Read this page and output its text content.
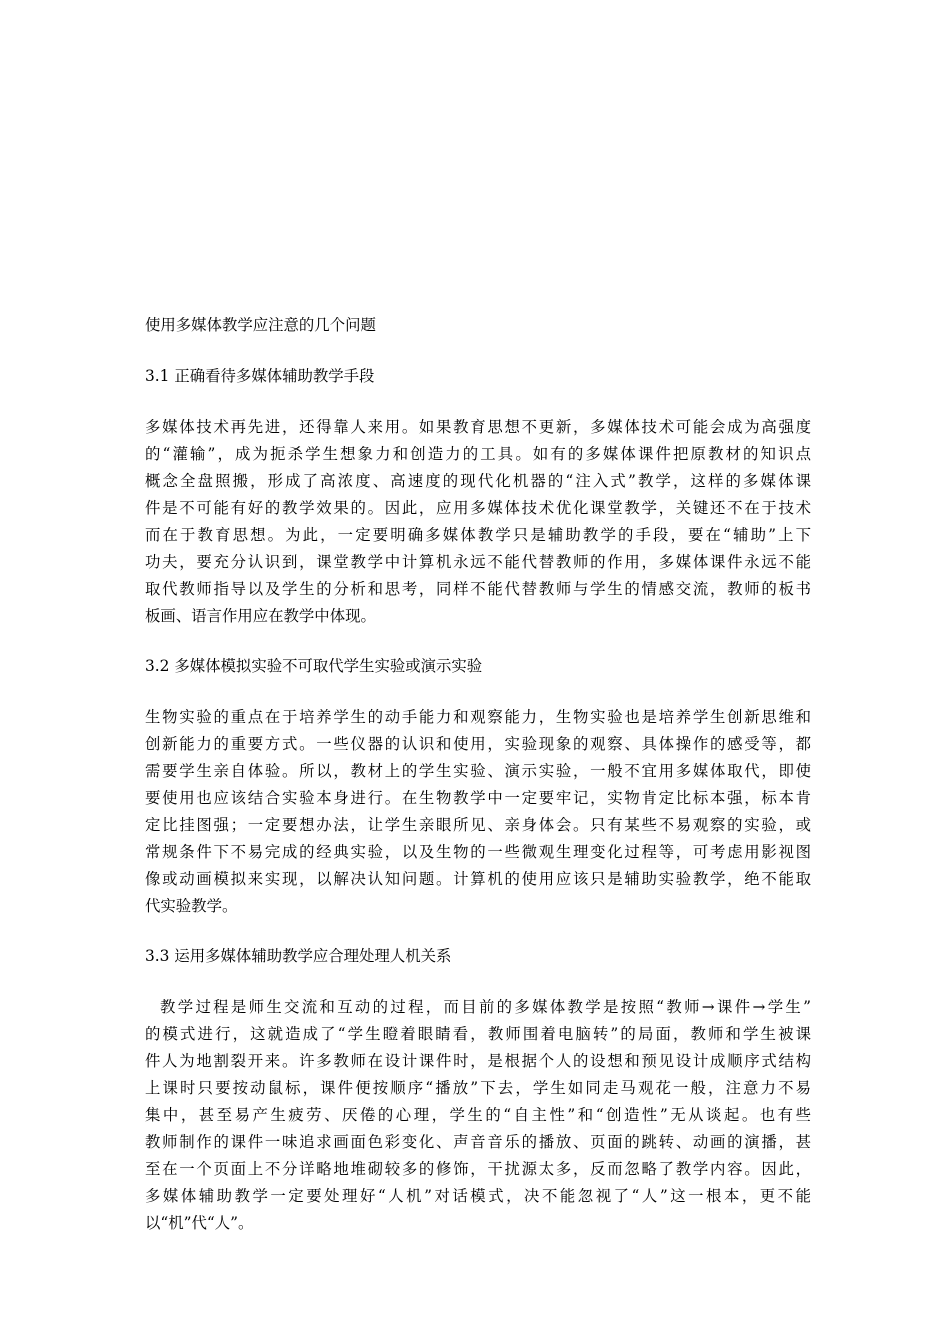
使用多媒体教学应注意的几个问题
3.1 正确看待多媒体辅助教学手段
多媒体技术再先进，还得靠人来用。如果教育思想不更新，多媒体技术可能会成为高强度
的“灌输”，成为扼杀学生想象力和创造力的工具。如有的多媒体课件把原教材的知识点
概念全盘照搬，形成了高浓度、高速度的现代化机器的“注入式”教学，这样的多媒体课
件是不可能有好的教学效果的。因此，应用多媒体技术优化课堂教学，关键还不在于技术
而在于教育思想。为此，一定要明确多媒体教学只是辅助教学的手段，要在“辅助”上下
功夫，要充分认识到，课堂教学中计算机永远不能代替教师的作用，多媒体课件永远不能
取代教师指导以及学生的分析和思考，同样不能代替教师与学生的情感交流，教师的板书
板画、语言作用应在教学中体现。
3.2 多媒体模拟实验不可取代学生实验或演示实验
生物实验的重点在于培养学生的动手能力和观察能力，生物实验也是培养学生创新思维和
创新能力的重要方式。一些仪器的认识和使用，实验现象的观察、具体操作的感受等，都
需要学生亲自体验。所以，教材上的学生实验、演示实验，一般不宜用多媒体取代，即使
要使用也应该结合实验本身进行。在生物教学中一定要牢记，实物肯定比标本强，标本肯
定比挂图强；一定要想办法，让学生亲眼所见、亲身体会。只有某些不易观察的实验，或
常规条件下不易完成的经典实验，以及生物的一些微观生理变化过程等，可考虑用影视图
像或动画模拟来实现，以解决认知问题。计算机的使用应该只是辅助实验教学，绝不能取
代实验教学。
3.3 运用多媒体辅助教学应合理处理人机关系
教学过程是师生交流和互动的过程，而目前的多媒体教学是按照“教师→课件→学生”
的模式进行，这就造成了“学生瞪着眼睛看，教师围着电脑转”的局面，教师和学生被课
件人为地割裂开来。许多教师在设计课件时，是根据个人的设想和预见设计成顺序式结构
上课时只要按动鼠标，课件便按顺序“播放”下去，学生如同走马观花一般，注意力不易
集中，甚至易产生疲劳、厌倦的心理，学生的“自主性”和“创造性”无从谈起。也有些
教师制作的课件一味追求画面色彩变化、声音音乐的播放、页面的跳转、动画的演播，甚
至在一个页面上不分详略地堆砌较多的修饰，干扰源太多，反而忽略了教学内容。因此，
多媒体辅助教学一定要处理好“人机”对话模式，决不能忽视了“人”这一根本，更不能
以“机”代“人”。
